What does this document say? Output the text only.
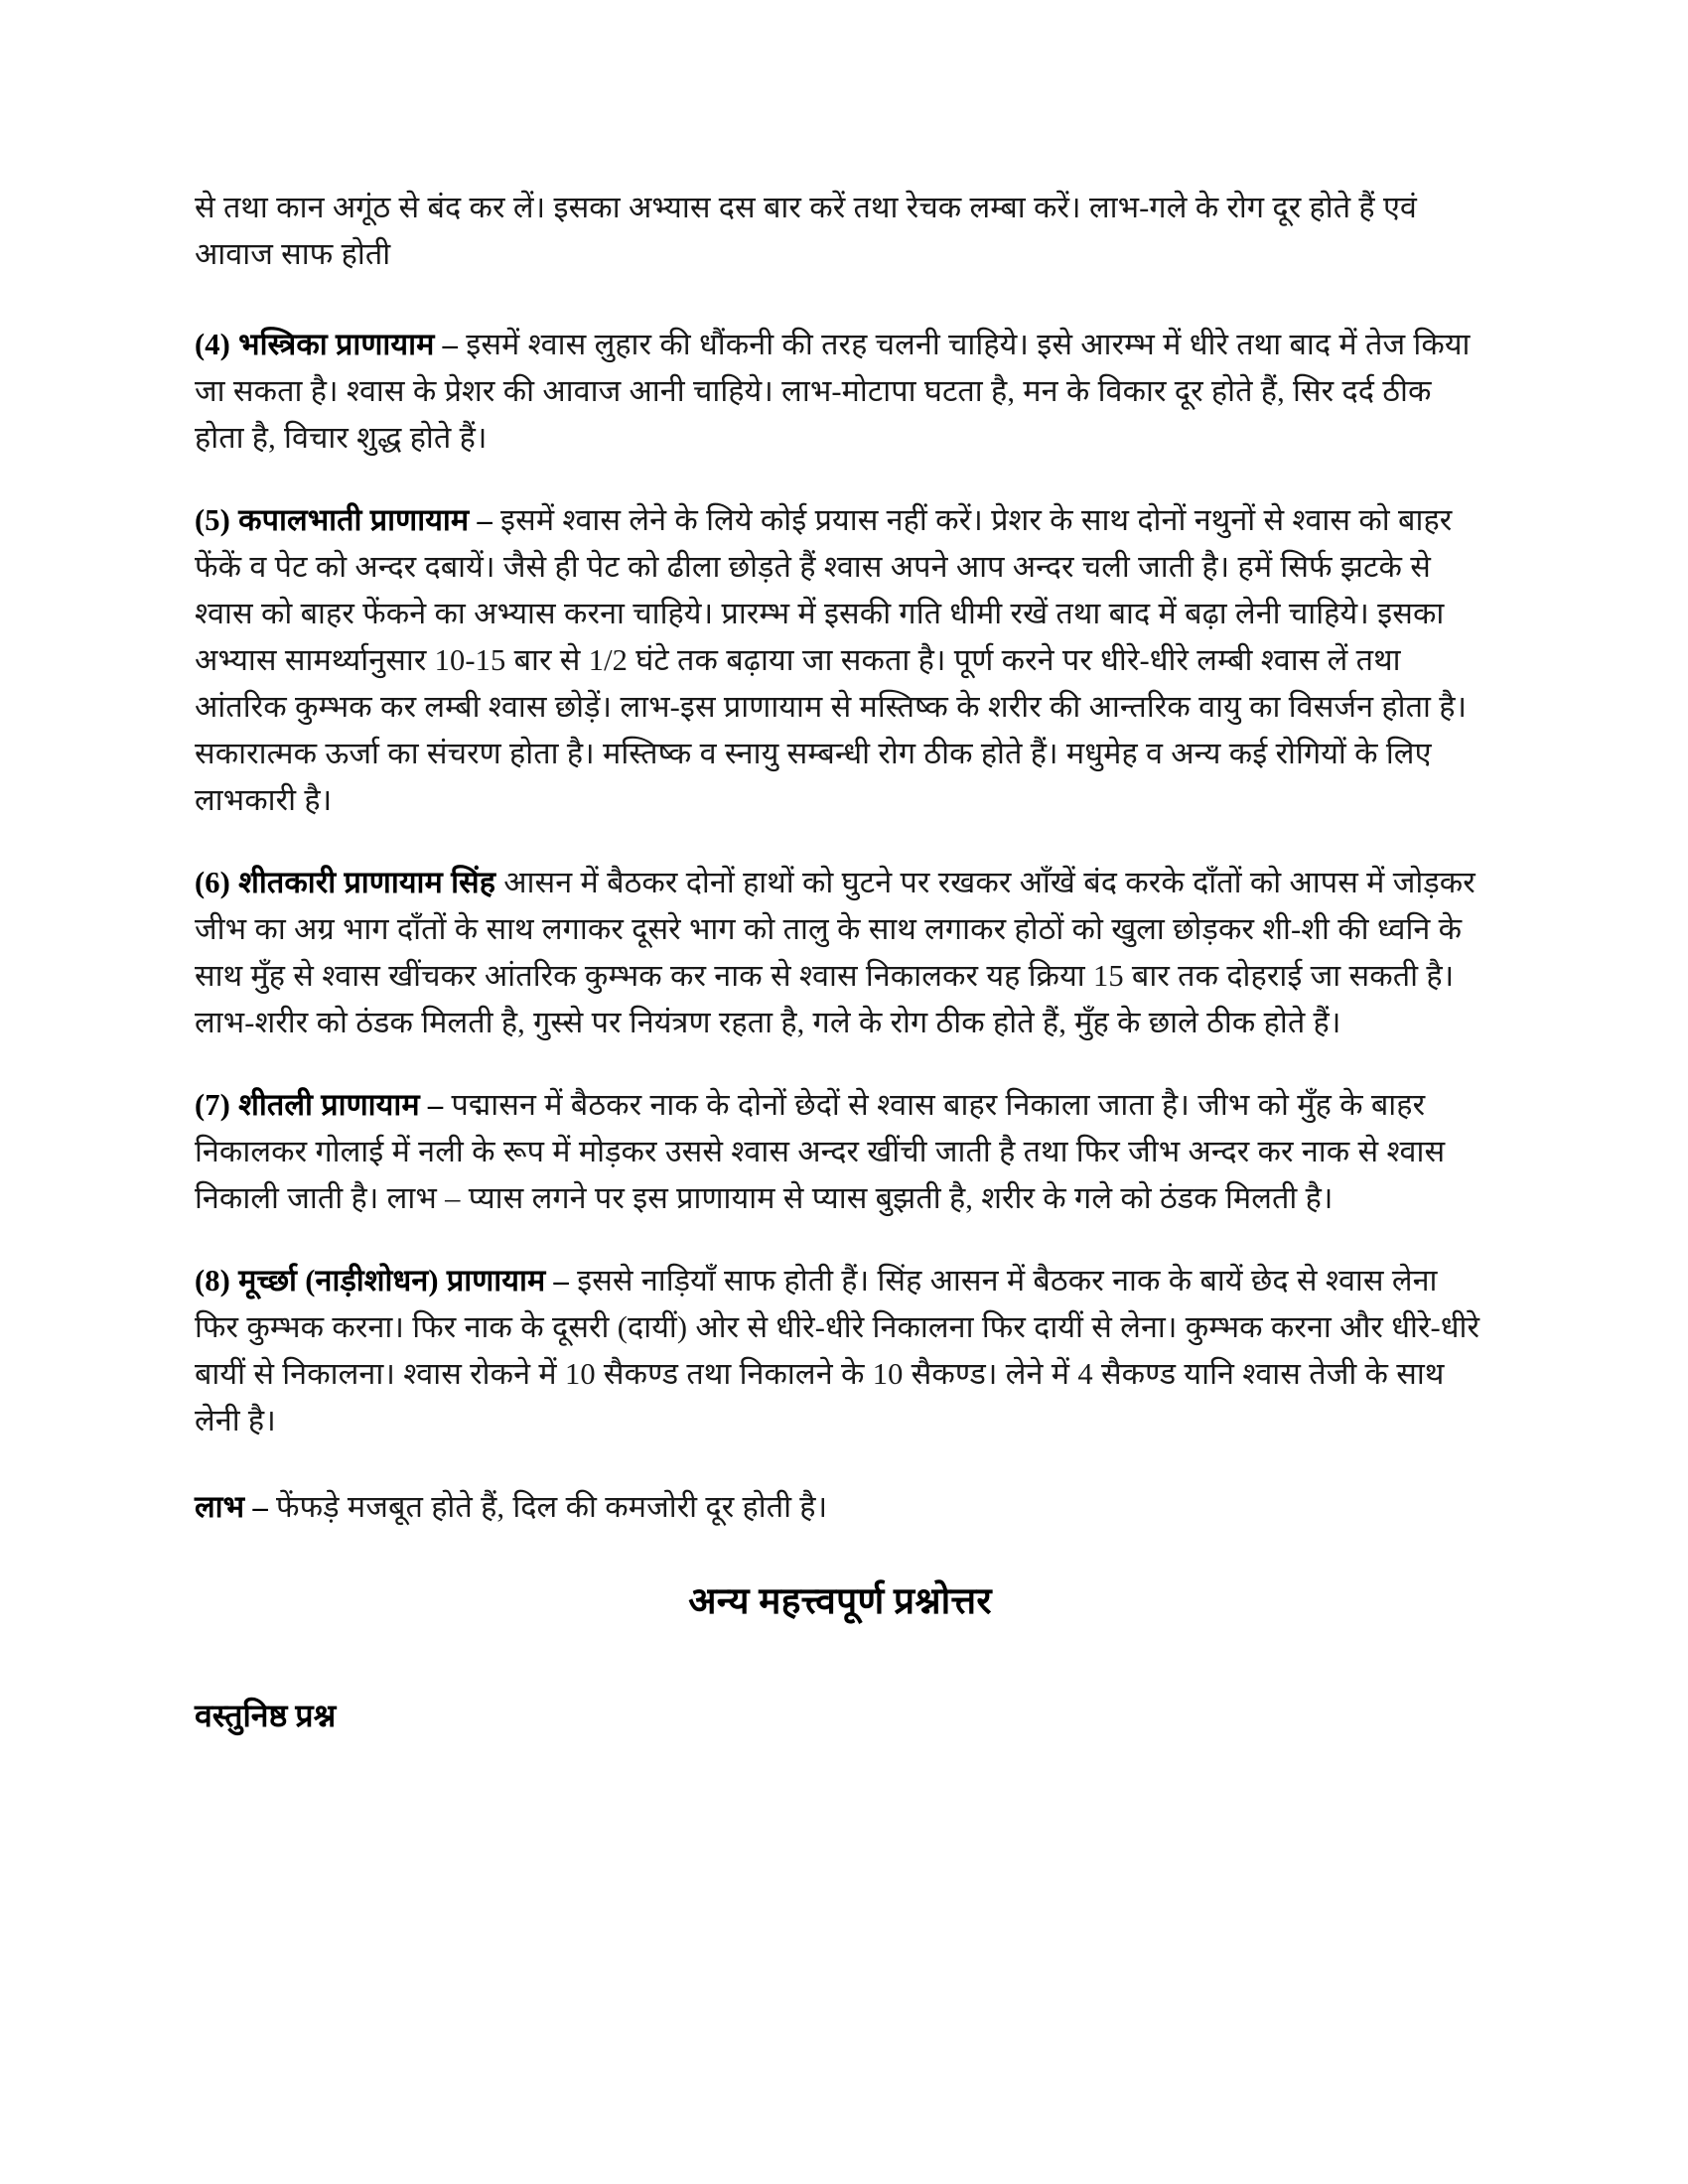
से तथा कान अगूंठ से बंद कर लें। इसका अभ्यास दस बार करें तथा रेचक लम्बा करें। लाभ-गले के रोग दूर होते हैं एवं आवाज साफ होती

(4) भस्त्रिका प्राणायाम – इसमें श्वास लुहार की धौंकनी की तरह चलनी चाहिये। इसे आरम्भ में धीरे तथा बाद में तेज किया जा सकता है। श्वास के प्रेशर की आवाज आनी चाहिये। लाभ-मोटापा घटता है, मन के विकार दूर होते हैं, सिर दर्द ठीक होता है, विचार शुद्ध होते हैं।

(5) कपालभाती प्राणायाम – इसमें श्वास लेने के लिये कोई प्रयास नहीं करें। प्रेशर के साथ दोनों नथुनों से श्वास को बाहर फेंकें व पेट को अन्दर दबायें। जैसे ही पेट को ढीला छोड़ते हैं श्वास अपने आप अन्दर चली जाती है। हमें सिर्फ झटके से श्वास को बाहर फेंकने का अभ्यास करना चाहिये। प्रारम्भ में इसकी गति धीमी रखें तथा बाद में बढ़ा लेनी चाहिये। इसका अभ्यास सामर्थ्यानुसार 10-15 बार से 1/2 घंटे तक बढ़ाया जा सकता है। पूर्ण करने पर धीरे-धीरे लम्बी श्वास लें तथा आंतरिक कुम्भक कर लम्बी श्वास छोड़ें। लाभ-इस प्राणायाम से मस्तिष्क के शरीर की आन्तरिक वायु का विसर्जन होता है। सकारात्मक ऊर्जा का संचरण होता है। मस्तिष्क व स्नायु सम्बन्धी रोग ठीक होते हैं। मधुमेह व अन्य कई रोगियों के लिए लाभकारी है।

(6) शीतकारी प्राणायाम सिंह आसन में बैठकर दोनों हाथों को घुटने पर रखकर आँखें बंद करके दाँतों को आपस में जोड़कर जीभ का अग्र भाग दाँतों के साथ लगाकर दूसरे भाग को तालु के साथ लगाकर होठों को खुला छोड़कर शी-शी की ध्वनि के साथ मुँह से श्वास खींचकर आंतरिक कुम्भक कर नाक से श्वास निकालकर यह क्रिया 15 बार तक दोहराई जा सकती है। लाभ-शरीर को ठंडक मिलती है, गुस्से पर नियंत्रण रहता है, गले के रोग ठीक होते हैं, मुँह के छाले ठीक होते हैं।

(7) शीतली प्राणायाम – पद्मासन में बैठकर नाक के दोनों छेदों से श्वास बाहर निकाला जाता है। जीभ को मुँह के बाहर निकालकर गोलाई में नली के रूप में मोड़कर उससे श्वास अन्दर खींची जाती है तथा फिर जीभ अन्दर कर नाक से श्वास निकाली जाती है। लाभ – प्यास लगने पर इस प्राणायाम से प्यास बुझती है, शरीर के गले को ठंडक मिलती है।

(8) मूर्च्छा (नाड़ीशोधन) प्राणायाम – इससे नाड़ियाँ साफ होती हैं। सिंह आसन में बैठकर नाक के बायें छेद से श्वास लेना फिर कुम्भक करना। फिर नाक के दूसरी (दायीं) ओर से धीरे-धीरे निकालना फिर दायीं से लेना। कुम्भक करना और धीरे-धीरे बायीं से निकालना। श्वास रोकने में 10 सैकण्ड तथा निकालने के 10 सैकण्ड। लेने में 4 सैकण्ड यानि श्वास तेजी के साथ लेनी है।

लाभ – फेंफड़े मजबूत होते हैं, दिल की कमजोरी दूर होती है।

अन्य महत्त्वपूर्ण प्रश्नोत्तर
वस्तुनिष्ठ प्रश्न
